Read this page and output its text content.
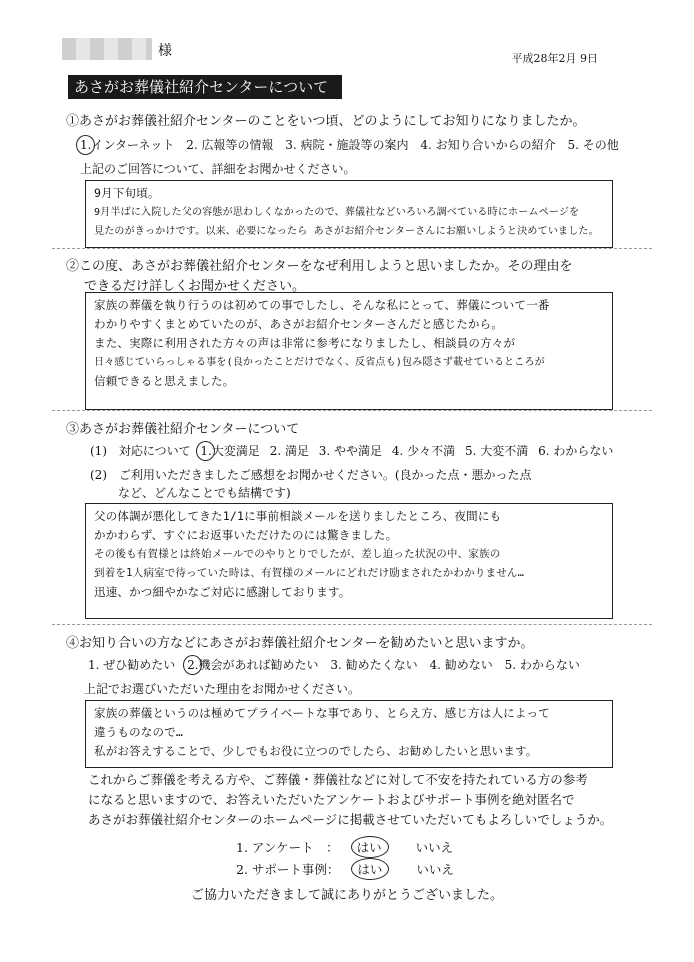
様	平成28年2月 9日
あさがお葬儀社紹介センターについて
①あさがお葬儀社紹介センターのことをいつ頃、どのようにしてお知りになりましたか。
1.インターネット 2. 広報等の情報 3. 病院・施設等の案内 4. お知り合いからの紹介 5. その他
上記のご回答について、詳細をお聞かせください。
9月下旬頃。
9月半ばに入院した父の容態が思わしくなかったので、葬儀社などいろいろ調べている時にホームページを
見たのがきっかけです。以来、必要になったら あさがお紹介センターさんにお願いしようと決めていました。
②この度、あさがお葬儀社紹介センターをなぜ利用しようと思いましたか。その理由を
できるだけ詳しくお聞かせください。
家族の葬儀を執り行うのは初めての事でしたし、そんな私にとって、葬儀について一番
わかりやすくまとめていたのが、あさがお紹介センターさんだと感じたから。
また、実際に利用された方々の声は非常に参考になりましたし、相談員の方々が
日々感じていらっしゃる事を(良かったことだけでなく、反省点も)包み隠さず載せているところが
信頼できると思えました。
③あさがお葬儀社紹介センターについて
(1) 対応について 1.大変満足 2. 満足 3. やや満足 4. 少々不満 5. 大変不満 6. わからない
(2) ご利用いただきましたご感想をお聞かせください。(良かった点・悪かった点
など、どんなことでも結構です)
父の体調が悪化してきた1/1に事前相談メールを送りましたところ、夜間にも
かかわらず、すぐにお返事いただけたのには驚きました。
その後も有賀様とは終始メールでのやりとりでしたが、差し迫った状況の中、家族の
到着を1人病室で待っていた時は、有賀様のメールにどれだけ励まされたかわかりません…
迅速、かつ細やかなご対応に感謝しております。
④お知り合いの方などにあさがお葬儀社紹介センターを勧めたいと思いますか。
1. ぜひ勧めたい 2.機会があれば勧めたい 3. 勧めたくない 4. 勧めない 5. わからない
上記でお選びいただいた理由をお聞かせください。
家族の葬儀というのは極めてプライベートな事であり、とらえ方、感じ方は人によって
違うものなので…
私がお答えすることで、少しでもお役に立つのでしたら、お勧めしたいと思います。
これからご葬儀を考える方や、ご葬儀・葬儀社などに対して不安を持たれている方の参考
になると思いますので、お答えいただいたアンケートおよびサポート事例を絶対匿名で
あさがお葬儀社紹介センターのホームページに掲載させていただいてもよろしいでしょうか。
1. アンケート　： はい	いいえ
2. サポート事例： はい	いいえ
ご協力いただきまして誠にありがとうございました。
